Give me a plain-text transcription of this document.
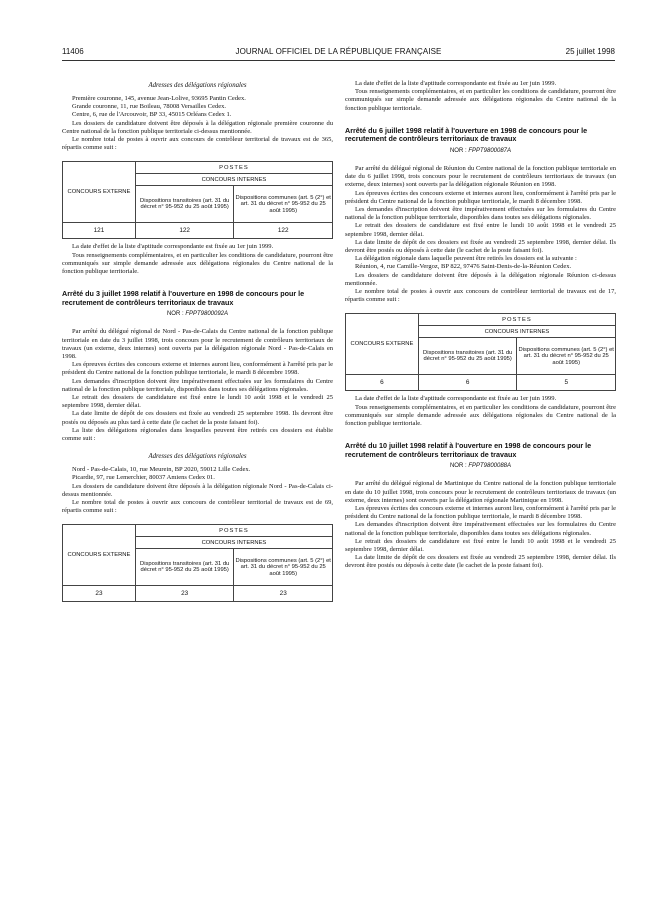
11406	JOURNAL OFFICIEL DE LA RÉPUBLIQUE FRANÇAISE	25 juillet 1998
Adresses des délégations régionales

Première couronne, 145, avenue Jean-Lolive, 93695 Pantin Cedex.

Grande couronne, 11, rue Boileau, 78008 Versailles Cedex.

Centre, 6, rue de l'Arcouvoir, BP 33, 45015 Orléans Cedex 1.

Les dossiers de candidature doivent être déposés à la délégation régionale première couronne du Centre national de la fonction publique territoriale ci-dessus mentionnée.

Le nombre total de postes à ouvrir aux concours de contrôleur territorial de travaux est de 365, répartis comme suit :

CONCOURS EXTERNE	POSTES	
	CONCOURS INTERNES	
	Dispositions transitoires (art. 31 du décret n° 95-952 du 25 août 1995)	Dispositions communes (art. 5 (2°) et art. 31 du décret n° 95-952 du 25 août 1995)
121	122	122

La date d'effet de la liste d'aptitude correspondante est fixée au 1er juin 1999.

Tous renseignements complémentaires, et en particulier les conditions de candidature, pourront être communiqués sur simple demande adressée aux délégations régionales du Centre national de la fonction publique territoriale.

Arrêté du 3 juillet 1998 relatif à l'ouverture en 1998 de concours pour le recrutement de contrôleurs territoriaux de travaux
NOR : FPPT9800092A

Par arrêté du délégué régional de Nord - Pas-de-Calais du Centre national de la fonction publique territoriale en date du 3 juillet 1998, trois concours pour le recrutement de contrôleurs territoriaux de travaux (un externe, deux internes) sont ouverts par la délégation régionale Nord - Pas-de-Calais en 1998.

Les épreuves écrites des concours externe et internes auront lieu, conformément à l'arrêté pris par le président du Centre national de la fonction publique territoriale, le mardi 8 décembre 1998.

Les demandes d'inscription doivent être impérativement effectuées sur les formulaires du Centre national de la fonction publique territoriale, disponibles dans toutes ses délégations régionales.

Le retrait des dossiers de candidature est fixé entre le lundi 10 août 1998 et le vendredi 25 septembre 1998, dernier délai.

La date limite de dépôt de ces dossiers est fixée au vendredi 25 septembre 1998. Ils devront être postés ou déposés au plus tard à cette date (le cachet de la poste faisant foi).

La liste des délégations régionales dans lesquelles peuvent être retirés ces dossiers est établie comme suit :

Adresses des délégations régionales

Nord - Pas-de-Calais, 10, rue Meurein, BP 2020, 59012 Lille Cedex.

Picardie, 97, rue Lemerchier, 80037 Amiens Cedex 01.

Les dossiers de candidature doivent être déposés à la délégation régionale Nord - Pas-de-Calais ci-dessus mentionnée.

Le nombre total de postes à ouvrir aux concours de contrôleur territorial de travaux est de 69, répartis comme suit :

CONCOURS EXTERNE	POSTES	
	CONCOURS INTERNES	
	Dispositions transitoires (art. 31 du décret n° 95-952 du 25 août 1995)	Dispositions communes (art. 5 (2°) et art. 31 du décret n° 95-952 du 25 août 1995)
23	23	23

La date d'effet de la liste d'aptitude correspondante est fixée au 1er juin 1999.

Tous renseignements complémentaires, et en particulier les conditions de candidature, pourront être communiqués sur simple demande adressée aux délégations régionales du Centre national de la fonction publique territoriale.

Arrêté du 6 juillet 1998 relatif à l'ouverture en 1998 de concours pour le recrutement de contrôleurs territoriaux de travaux
NOR : FPPT9800087A

Par arrêté du délégué régional de Réunion du Centre national de la fonction publique territoriale en date du 6 juillet 1998, trois concours pour le recrutement de contrôleurs territoriaux de travaux (un externe, deux internes) sont ouverts par la délégation régionale Réunion en 1998.

Les épreuves écrites des concours externe et internes auront lieu, conformément à l'arrêté pris par le président du Centre national de la fonction publique territoriale, le mardi 8 décembre 1998.

Les demandes d'inscription doivent être impérativement effectuées sur les formulaires du Centre national de la fonction publique territoriale, disponibles dans toutes ses délégations régionales.

Le retrait des dossiers de candidature est fixé entre le lundi 10 août 1998 et le vendredi 25 septembre 1998, dernier délai.

La date limite de dépôt de ces dossiers est fixée au vendredi 25 septembre 1998, dernier délai. Ils devront être postés ou déposés à cette date (le cachet de la poste faisant foi).

La délégation régionale dans laquelle peuvent être retirés les dossiers est la suivante :

Réunion, 4, rue Camille-Vergoz, BP 822, 97476 Saint-Denis-de-la-Réunion Cedex.

Les dossiers de candidature doivent être déposés à la délégation régionale Réunion ci-dessus mentionnée.

Le nombre total de postes à ouvrir aux concours de contrôleur territorial de travaux est de 17, répartis comme suit :

CONCOURS EXTERNE	POSTES	
	CONCOURS INTERNES	
	Dispositions transitoires (art. 31 du décret n° 95-952 du 25 août 1995)	Dispositions communes (art. 5 (2°) et art. 31 du décret n° 95-952 du 25 août 1995)
6	6	5

La date d'effet de la liste d'aptitude correspondante est fixée au 1er juin 1999.

Tous renseignements complémentaires, et en particulier les conditions de candidature, pourront être communiqués sur simple demande adressée aux délégations régionales du Centre national de la fonction publique territoriale.

Arrêté du 10 juillet 1998 relatif à l'ouverture en 1998 de concours pour le recrutement de contrôleurs territoriaux de travaux
NOR : FPPT9800088A

Par arrêté du délégué régional de Martinique du Centre national de la fonction publique territoriale en date du 10 juillet 1998, trois concours pour le recrutement de contrôleurs territoriaux de travaux (un externe, deux internes) sont ouverts par la délégation régionale Martinique en 1998.

Les épreuves écrites des concours externe et internes auront lieu, conformément à l'arrêté pris par le président du Centre national de la fonction publique territoriale, le mardi 8 décembre 1998.

Les demandes d'inscription doivent être impérativement effectuées sur les formulaires du Centre national de la fonction publique territoriale, disponibles dans toutes ses délégations régionales.

Le retrait des dossiers de candidature est fixé entre le lundi 10 août 1998 et le vendredi 25 septembre 1998, dernier délai.

La date limite de dépôt de ces dossiers est fixée au vendredi 25 septembre 1998, dernier délai. Ils devront être postés ou déposés à cette date (le cachet de la poste faisant foi).
